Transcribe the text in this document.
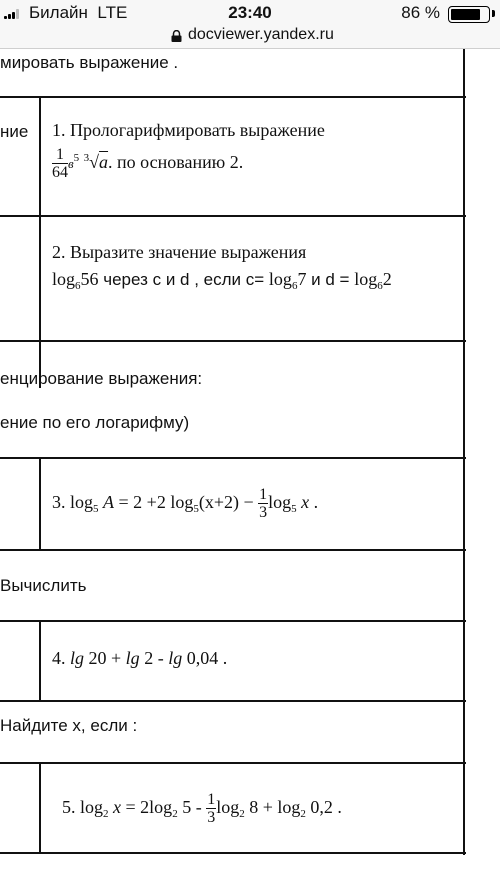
Билайн LTE	23:40	86 %
docviewer.yandex.ru
мировать выражение .
ние 1. Прологарифмировать выражение
$\frac{1}{64} в^5$ $^3$√a. по основанию 2.
2. Выразите значение выражения
$\log_656$ через c и d , если $c= \log_67$ и $d = \log_62$
енцирование выражения:
ение по его логарифму)
3. $\log_5 A = 2 +2$ $\log_5(x+2) - \frac{1}{3} \log_5 x$ .
Вычислить
4. lg 20 + lg 2 - lg 0,04 .
Найдите х, если :
5. $\log_2 x = 2\log_2$ $5 - \frac{1}{3} \log_2 8 + \log_2 0,2$ .
